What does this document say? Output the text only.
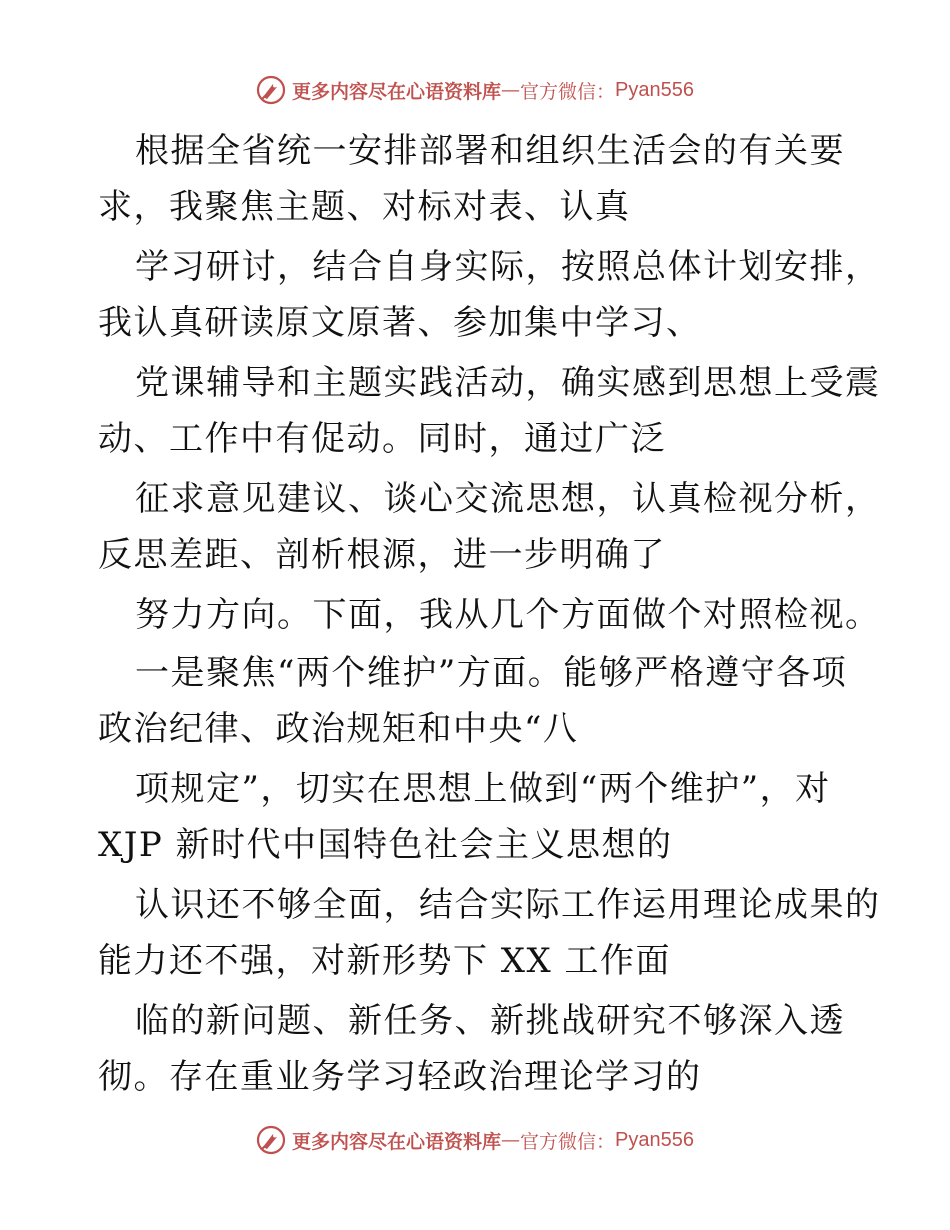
更多内容尽在心语资料库 — 官方微信： Pyan556
根据全省统一安排部署和组织生活会的有关要
求，我聚焦主题、对标对表、认真
学习研讨，结合自身实际，按照总体计划安排，
我认真研读原文原著、参加集中学习、
党课辅导和主题实践活动，确实感到思想上受震
动、工作中有促动。同时，通过广泛
征求意见建议、谈心交流思想，认真检视分析，
反思差距、剖析根源，进一步明确了
努力方向。下面，我从几个方面做个对照检视。
一是聚焦“两个维护”方面。能够严格遵守各项
政治纪律、政治规矩和中央“八
项规定”，切实在思想上做到“两个维护”，对
XJP 新时代中国特色社会主义思想的
认识还不够全面，结合实际工作运用理论成果的
能力还不强，对新形势下 XX 工作面
临的新问题、新任务、新挑战研究不够深入透
彻。存在重业务学习轻政治理论学习的
更多内容尽在心语资料库 — 官方微信： Pyan556
